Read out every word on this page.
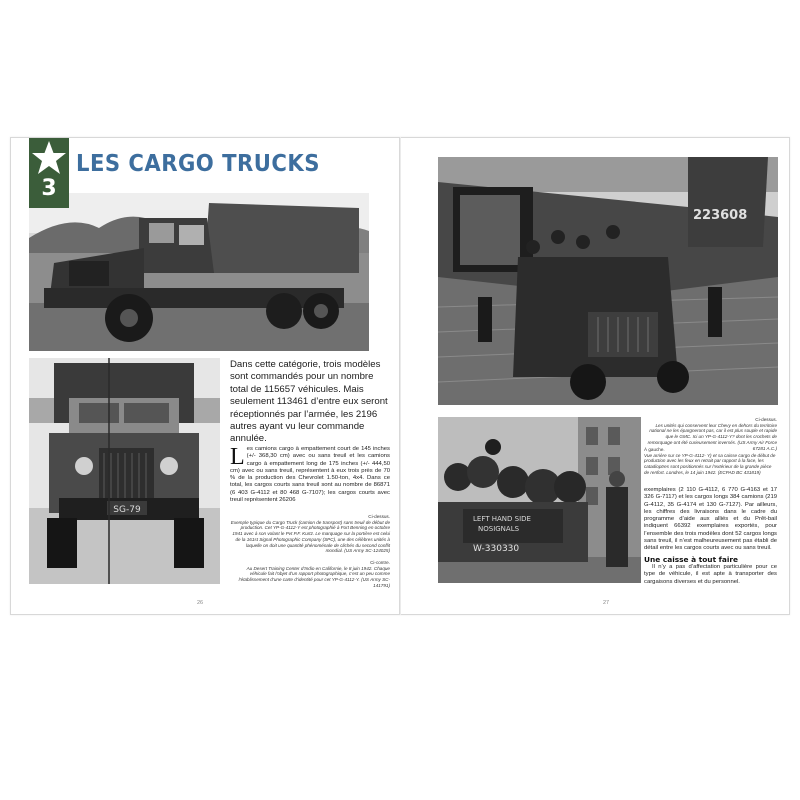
SG-79
3
LES CARGO TRUCKS
Dans cette catégorie, trois modèles sont commandés pour un nombre total de 115657 véhicules. Mais seulement 113461 d’entre eux seront réceptionnés par l’armée, les 2196 autres ayant vu leur commande annulée.
Les camions cargo à empattement court de 145 inches (+/- 368,30 cm) avec ou sans treuil et les camions cargo à empattement long de 175 inches (+/- 444,50 cm) avec ou sans treuil, représentent à eux trois près de 70 % de la production des Chevrolet 1.50-ton, 4x4. Dans ce total, les cargos courts sans treuil sont au nombre de 86871 (6 403 G-4112 et 80 468 G-7107); les cargos courts avec treuil représentent 26206
Ci-dessus.
Exemple typique du Cargo Truck (camion de transport) sans treuil de début de production. Cet YP-G-4112-Y est photographié à Fort Benning en octobre 1941 avec à son volant le Pvt P.F. Kurtz. Le marquage sur la portière est celui de la 161st Signal Photographic Company (SPC), une des célèbres unités à laquelle on doit une quantité phénoménale de clichés du second conflit mondial. (US Army SC-124025)
Ci-contre.
Au Desert Training Center d’Indio en Californie, le 8 juin 1942. Chaque véhicule fait l’objet d’un rapport photographique, c’est un peu comme l’établissement d’une carte d’identité pour cet YP-G-4112-Y. (US Army SC-141791)
223608
LEFT HAND SIDE
NOSIGNALS
W-330330
Ci-dessus.
Les unités qui conservent leur Chevy en dehors du territoire national ne les épargneront pas, car il est plus souple et rapide que le GMC. Ici un YP-G-4112-Y? dont les crochets de remorquage ont été curieusement inversés. (US Army Air Force 67281 A.C.)
À gauche.
Vue arrière sur ce YP-G-4112- Y) et sa caisse cargo de début de production avec les feux en retrait par rapport à la face, les catadioptres sont positionnés sur l’extérieur de la grande pièce de renfort. Londres, le 14 juin 1942. (ECPAD BC 431819)
exemplaires (2 110 G-4112, 6 770 G-4163 et 17 326 G-7117) et les cargos longs 384 camions (219 G-4112, 35 G-4174 et 130 G-7127). Par ailleurs, les chiffres des livraisons dans le cadre du programme d’aide aux alliés et du Prêt-bail indiquent 66392 exemplaires exportés, pour l’ensemble des trois modèles dont 52 cargos longs sans treuil, il n’est malheureusement pas établi de détail entre les cargos courts avec ou sans treuil.
Une caisse à tout faire
Il n’y a pas d’affectation particulière pour ce type de véhicule, il est apte à transporter des cargaisons diverses et du personnel.
26	27
